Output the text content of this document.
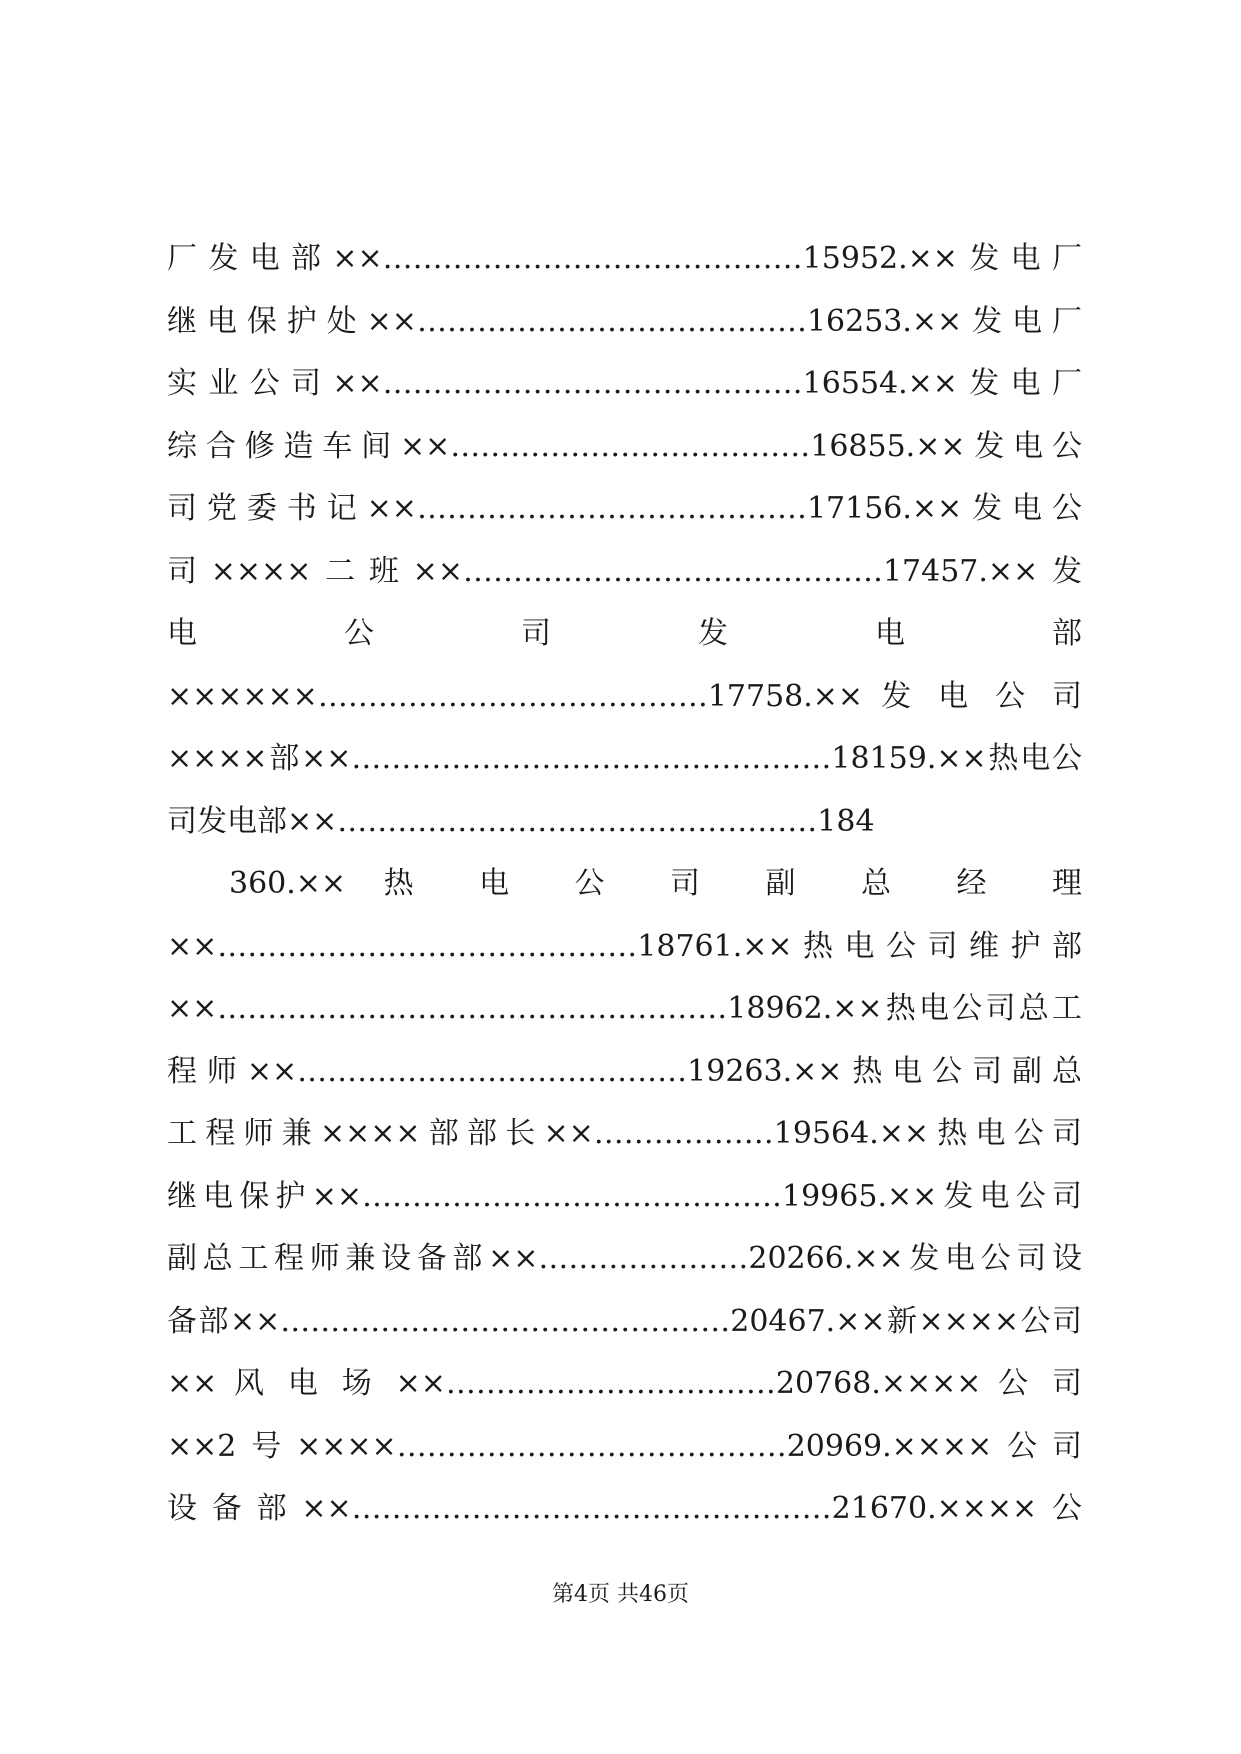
厂发电部××……………………………………15952.××发电厂
继电保护处××…………………………………16253.××发电厂
实业公司××……………………………………16554.××发电厂
综合修造车间××………………………………16855.××发电公
司党委书记××…………………………………17156.××发电公
司××××二班××……………………………………17457.××发
电　　　　公　　　　司　　　　发　　　　电　　　　部
××××××…………………………………17758.×× 发 电 公 司
××××部××…………………………………………18159.××热电公
司发电部××…………………………………………184
360.×× 热 电 公 司 副 总 经 理
××……………………………………18761.×× 热 电 公 司 维 护 部
××……………………………………………18962.××热电公司总工
程师××…………………………………19263.××热电公司副总
工程师兼××××部部长××………………19564.××热电公司
继电保护××……………………………………19965.××发电公司
副总工程师兼设备部××…………………20266.××发电公司设
备部××………………………………………20467.××新××××公司
×× 风 电 场 ××……………………………20768.×××× 公 司
××2号××××…………………………………20969.××××公司
设备部××…………………………………………21670.××××公
第4页 共46页
